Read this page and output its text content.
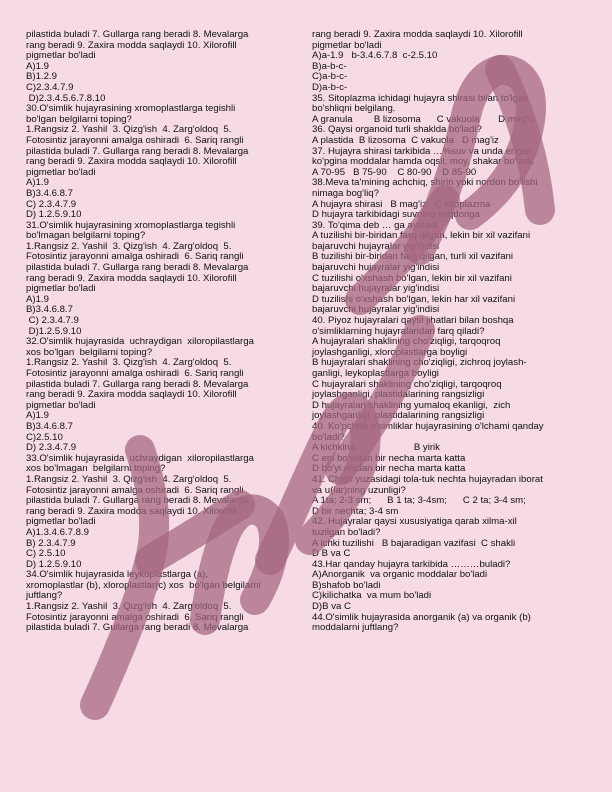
pilastida buladi 7. Gullarga rang beradi 8. Mevalarga
rang beradi 9. Zaxira modda saqlaydi 10. Xilorofill
pigmetlar bo'ladi
A)1.9
B)1.2.9
C)2.3.4.7.9
D)2.3.4.5.6.7.8.10
30.O'simlik hujayrasining xromoplastlarga tegishli
bo'lgan belgilarni toping?
1.Rangsiz 2. Yashil  3. Qizg'ish  4. Zarg'oldoq  5.
Fotosintiz jarayonni amalga oshiradi  6. Sariq rangli
pilastida buladi 7. Gullarga rang beradi 8. Mevalarga
rang beradi 9. Zaxira modda saqlaydi 10. Xilorofill
pigmetlar bo'ladi
A)1.9
B)3.4.6.8.7
C) 2.3.4.7.9
D) 1.2.5.9.10
31.O'simlik hujayrasining xromoplastlarga tegishli
bo'lmagan belgilarni toping?
1.Rangsiz 2. Yashil  3. Qizg'ish  4. Zarg'oldoq  5.
Fotosintiz jarayonni amalga oshiradi  6. Sariq rangli
pilastida buladi 7. Gullarga rang beradi 8. Mevalarga
rang beradi 9. Zaxira modda saqlaydi 10. Xilorofill
pigmetlar bo'ladi
A)1.9
B)3.4.6.8.7
C) 2.3.4.7.9
D)1.2.5.9.10
32.O'simlik hujayrasida  uchraydigan  xiloropilastlarga
xos bo'lgan  belgilarni toping?
1.Rangsiz 2. Yashil  3. Qizg'ish  4. Zarg'oldoq  5.
Fotosintiz jarayonni amalga oshiradi  6. Sariq rangli
pilastida buladi 7. Gullarga rang beradi 8. Mevalarga
rang beradi 9. Zaxira modda saqlaydi 10. Xilorofill
pigmetlar bo'ladi
A)1.9
B)3.4.6.8.7
C)2.5.10
D) 2.3.4.7.9
33.O'simlik hujayrasida  uchraydigan  xiloropilastlarga
xos bo'lmagan  belgilarni toping?
1.Rangsiz 2. Yashil  3. Qizg'ish  4. Zarg'oldoq  5.
Fotosintiz jarayonni amalga oshiradi  6. Sariq rangli
pilastida buladi 7. Gullarga rang beradi 8. Mevalarga
rang beradi 9. Zaxira modda saqlaydi 10. Xilorofill
pigmetlar bo'ladi
A)1.3.4.6.7.8.9
B) 2.3.4.7.9
C) 2.5.10
D) 1.2.5.9.10
34.O'simlik hujayrasida leykoplastlarga (a),
xromoplastlar (b), xloroplastlar(c) xos  bo'lgan belgilarni
juftlang?
1.Rangsiz 2. Yashil  3. Qizg'ish  4. Zarg'oldoq  5.
Fotosintiz jarayonni amalga oshiradi  6. Sariq rangli
pilastida buladi 7. Gullarga rang beradi 8. Mevalarga
rang beradi 9. Zaxira modda saqlaydi 10. Xilorofill
pigmetlar bo'ladi
A)a-1.9   b-3.4.6.7.8  c-2.5.10
B)a-b-c-
C)a-b-c-
D)a-b-c-
35. Sitoplazma ichidagi hujayra shirasi bilan to'lgan
bo'shliqni belgilang.
A granula        B lizosoma      C vakuola       D mag'iz
36. Qaysi organoid turli shaklda bo'ladi?
A plastida  B lizosoma  C vakuola   D mag'iz
37. Hujayra shirasi tarkibida …%suv va unda erigan
ko'pgina moddalar hamda oqsil, moy, shakar bo'ladi.
A 70-95   B 75-90    C 80-90    D 85-90
38.Meva ta'mining achchiq, shirin yoki nordon bo'lishi
nimaga bog'liq?
A hujayra shirasi   B mag'iz   C sitoplazma
D hujayra tarkibidagi suvning miqdoriga
39. To'qima deb … ga aytiladi.
A tuzilishi bir-biridan farq qilgan, lekin bir xil vazifani
bajaruvchi hujayralar yig'indisi
B tuzilishi bir-biridan farq qilgan, turli xil vazifani
bajaruvchi hujayralar yig'indisi
C tuzilishi o'xshash bo'lgan, lekin bir xil vazifani
bajaruvchi hujayralar yig'indisi
D tuzilishi o'xshash bo'lgan, lekin har xil vazifani
bajaruvchi hujayralar yig'indisi
40. Piyoz hujayralari qaysi jihatlari bilan boshqa
o'simliklarning hujayralaridan farq qiladi?
A hujayralari shaklining cho'ziqligi, tarqoqroq
joylashganligi, xloroplastlarga boyligi
B hujayralari shaklining cho'ziqligi, zichroq joylash-
ganligi, leykoplastlarga boyligi
C hujayralari shaklining cho'ziqligi, tarqoqroq
joylashganligi, plastidalarining rangsizligi
D hujayralari shaklining yumaloq ekanligi,  zich
joylashganligi, plastidalarining rangsizligi
40. Ko'pchilik o'simliklar hujayrasining o'lchami qanday
bo'ladi?
A kichkina                      B yirik
C eni bo'yidan bir necha marta katta
D bo'yi enidan bir necha marta katta
41. Chigit yuzasidagi tola-tuk nechta hujayradan iborat
va u(lar)ning uzunligi?
A 1ta; 2-3 sm;      B 1 ta; 3-4sm;      C 2 ta; 3-4 sm;
D bir nechta; 3-4 sm
42. Hujayralar qaysi xususiyatiga qarab xilma-xil
tuzilgan bo'ladi?
A ichki tuzilishi   B bajaradigan vazifasi  C shakli
D B va C
43.Har qanday hujayra tarkibida ………buladi?
A)Anorganik  va organic moddalar bo'ladi
B)shafob bo'ladi
C)kilichatka  va mum bo'ladi
D)B va C
44.O'simlik hujayrasida anorganik (a) va organik (b)
moddalarni juftlang?
